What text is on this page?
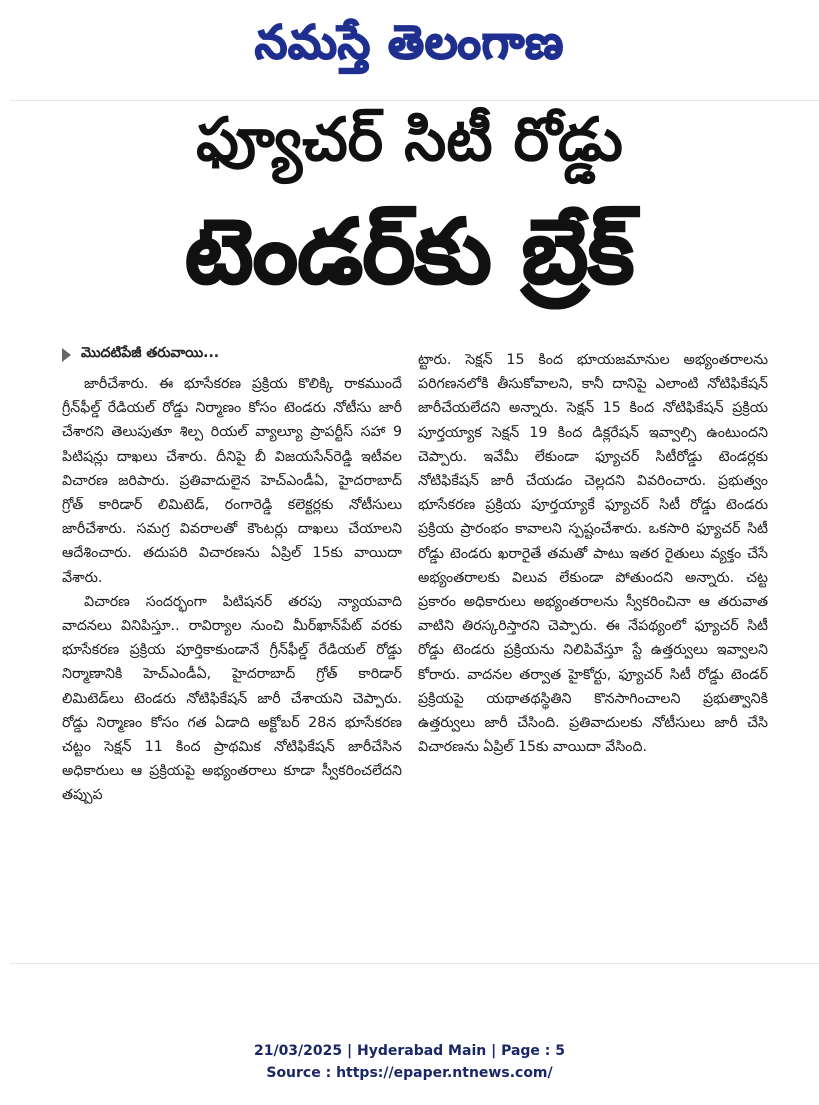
నమస్తే తెలంగాణ
ఫ్యూచర్ సిటీ రోడ్డు
టెండర్‌కు బ్రేక్
మొదటిపేజీ తరువాయి...

జారీచేశారు. ఈ భూసేకరణ ప్రక్రియ కొలిక్కి రాకముందే గ్రీన్‌ఫీల్డ్ రేడియల్ రోడ్డు నిర్మాణం కోసం టెండరు నోటీసు జారీ చేశారని తెలుపుతూ శిల్ప రియల్ వ్యాల్యూ ప్రాపర్టీస్ సహా 9 పిటిషన్లు దాఖలు చేశారు. దీనిపై బీ విజయసేన్‌రెడ్డి ఇటీవల విచారణ జరిపారు. ప్రతివాదులైన హెచ్‌ఎండీఏ, హైదరాబాద్ గ్రోత్ కారిడార్ లిమిటెడ్, రంగారెడ్డి కలెక్టర్లకు నోటీసులు జారీచేశారు. సమగ్ర వివరాలతో కౌంటర్లు దాఖలు చేయాలని ఆదేశించారు. తదుపరి విచారణను ఏప్రిల్ 15కు వాయిదా వేశారు.

విచారణ సందర్భంగా పిటిషనర్ తరపు న్యాయవాది వాదనలు వినిపిస్తూ.. రావిర్యాల నుంచి మీర్‌ఖాన్‌పేట్ వరకు భూసేకరణ ప్రక్రియ పూర్తికాకుండానే గ్రీన్‌ఫీల్డ్ రేడియల్ రోడ్డు నిర్మాణానికి హెచ్‌ఎండీఏ, హైదరాబాద్ గ్రోత్ కారిడార్ లిమిటెడ్‌లు టెండరు నోటిఫికేషన్ జారీ చేశాయని చెప్పారు. రోడ్డు నిర్మాణం కోసం గత ఏడాది అక్టోబర్ 28న భూసేకరణ చట్టం సెక్షన్ 11 కింద ప్రాథమిక నోటిఫికేషన్ జారీచేసిన అధికారులు ఆ ప్రక్రియపై అభ్యంతరాలు కూడా స్వీకరించలేదని తప్పుప

ట్టారు. సెక్షన్ 15 కింద భూయజమానుల అభ్యంతరాలను పరిగణనలోకి తీసుకోవాలని, కానీ దానిపై ఎలాంటి నోటిఫికేషన్ జారీచేయలేదని అన్నారు. సెక్షన్ 15 కింద నోటిఫికేషన్ ప్రక్రియ పూర్తయ్యాక సెక్షన్ 19 కింద డిక్లరేషన్ ఇవ్వాల్సి ఉంటుందని చెప్పారు. ఇవేమీ లేకుండా ఫ్యూచర్ సిటీరోడ్డు టెండర్లకు నోటిఫికేషన్ జారీ చేయడం చెల్లదని వివరించారు. ప్రభుత్వం భూసేకరణ ప్రక్రియ పూర్తయ్యాకే ఫ్యూచర్ సిటీ రోడ్డు టెండరు ప్రక్రియ ప్రారంభం కావాలని స్పష్టంచేశారు. ఒకసారి ఫ్యూచర్ సిటీ రోడ్డు టెండరు ఖరారైతే తమతో పాటు ఇతర రైతులు వ్యక్తం చేసే అభ్యంతరాలకు విలువ లేకుండా పోతుందని అన్నారు. చట్ట ప్రకారం అధికారులు అభ్యంతరాలను స్వీకరించినా ఆ తరువాత వాటిని తిరస్కరిస్తారని చెప్పారు. ఈ నేపథ్యంలో ఫ్యూచర్ సిటీ రోడ్డు టెండరు ప్రక్రియను నిలిపివేస్తూ స్టే ఉత్తర్వులు ఇవ్వాలని కోరారు. వాదనల తర్వాత హైకోర్టు, ఫ్యూచర్ సిటీ రోడ్డు టెండర్ ప్రక్రియపై యథాతథస్థితిని కొనసాగించాలని ప్రభుత్వానికి ఉత్తర్వులు జారీ చేసింది. ప్రతివాదులకు నోటీసులు జారీ చేసి విచారణను ఏప్రిల్ 15కు వాయిదా వేసింది.

21/03/2025 | Hyderabad Main | Page : 5
Source : https://epaper.ntnews.com/
